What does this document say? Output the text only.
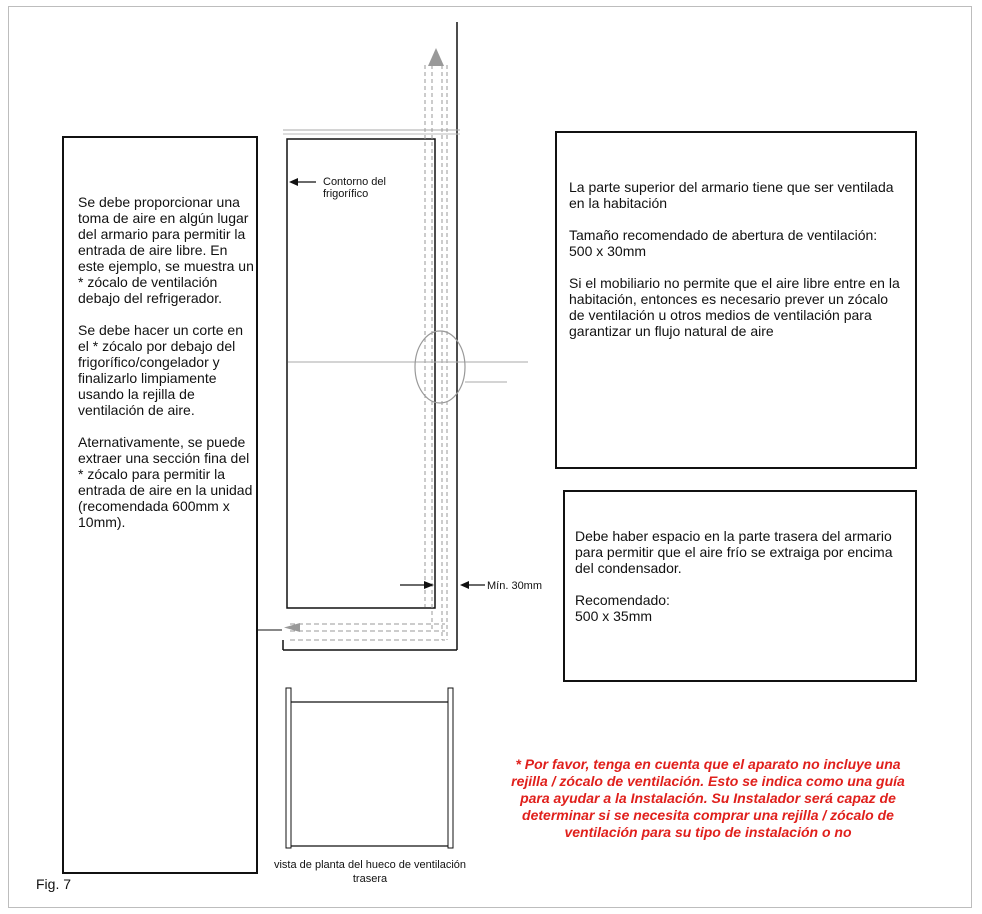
Se debe proporcionar una toma de aire en algún lugar del armario para permitir la entrada de aire libre. En este ejemplo, se muestra un * zócalo de ventilación debajo del refrigerador.

Se debe hacer un corte en el * zócalo por debajo del frigorífico/congelador y finalizarlo limpiamente usando la rejilla de ventilación de aire.

Aternativamente, se puede extraer una sección fina del * zócalo para permitir la entrada de aire en la unidad (recomendada 600mm x 10mm).

La parte superior del armario tiene que ser ventilada en la habitación

Tamaño recomendado de abertura de ventilación:
500 x 30mm

Si el mobiliario no permite que el aire libre entre en la habitación, entonces es necesario prever un zócalo de ventilación u otros medios de ventilación para garantizar un flujo natural de aire

Debe haber espacio en la parte trasera del armario para permitir que el aire frío se extraiga por encima del condensador.

Recomendado:
500 x 35mm

Contorno del frigorífico
Mín. 30mm
vista de planta del hueco de ventilación trasera
* Por favor, tenga en cuenta que el aparato no incluye una rejilla / zócalo de ventilación. Esto se indica como una guía para ayudar a la Instalación. Su Instalador será capaz de determinar si se necesita comprar una rejilla / zócalo de ventilación para su tipo de instalación o no
Fig. 7
